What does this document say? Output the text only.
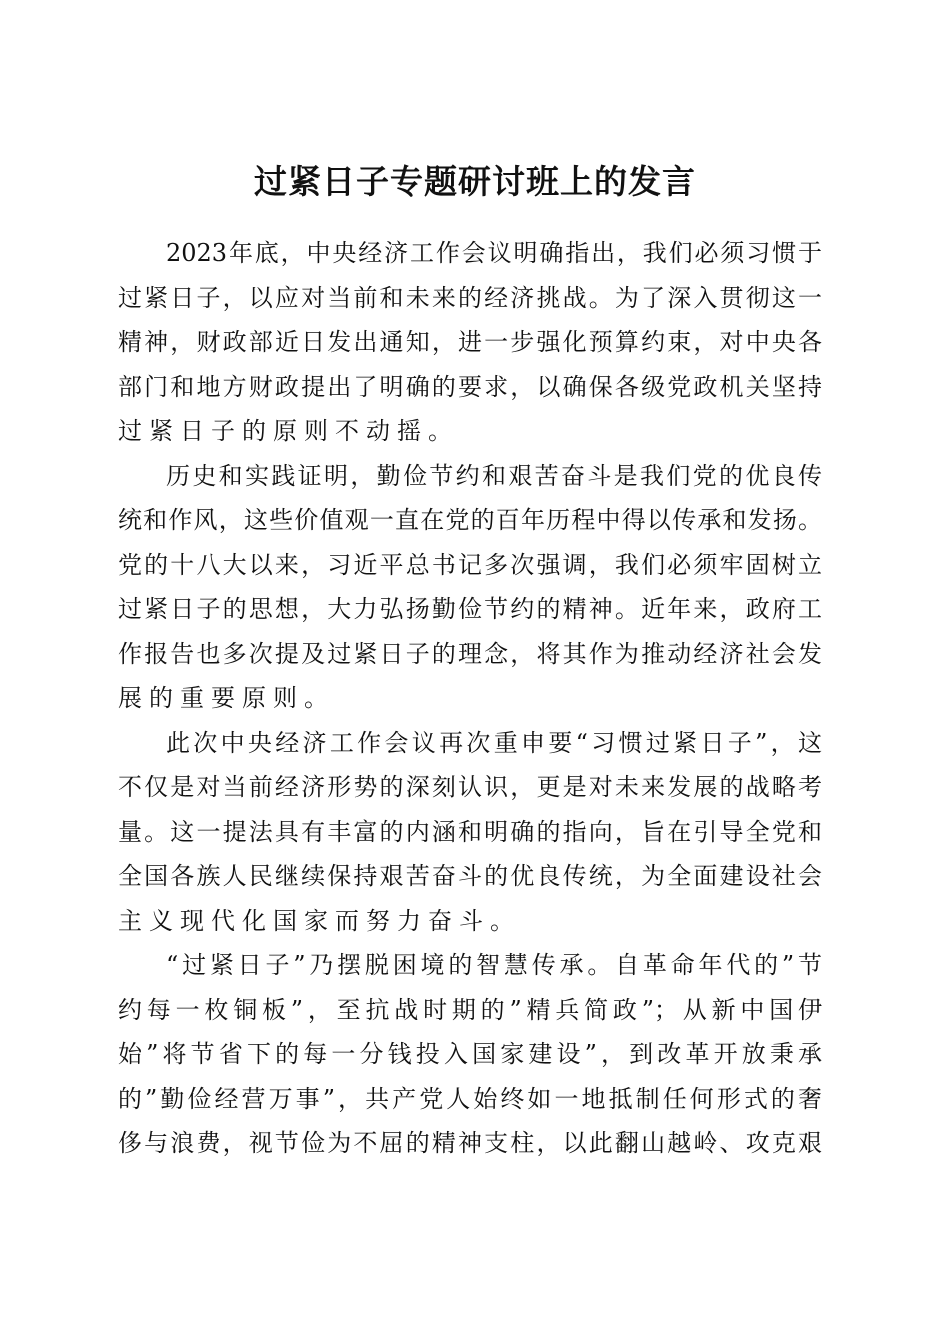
过紧日子专题研讨班上的发言

2023年底，中央经济工作会议明确指出，我们必须习惯于
过紧日子，以应对当前和未来的经济挑战。为了深入贯彻这一
精神，财政部近日发出通知，进一步强化预算约束，对中央各
部门和地方财政提出了明确的要求，以确保各级党政机关坚持
过紧日子的原则不动摇。

历史和实践证明，勤俭节约和艰苦奋斗是我们党的优良传
统和作风，这些价值观一直在党的百年历程中得以传承和发扬。
党的十八大以来，习近平总书记多次强调，我们必须牢固树立
过紧日子的思想，大力弘扬勤俭节约的精神。近年来，政府工
作报告也多次提及过紧日子的理念，将其作为推动经济社会发
展的重要原则。

此次中央经济工作会议再次重申要“习惯过紧日子”，这
不仅是对当前经济形势的深刻认识，更是对未来发展的战略考
量。这一提法具有丰富的内涵和明确的指向，旨在引导全党和
全国各族人民继续保持艰苦奋斗的优良传统，为全面建设社会
主义现代化国家而努力奋斗。

“过紧日子”乃摆脱困境的智慧传承。自革命年代的”节
约每一枚铜板”，至抗战时期的”精兵简政”；从新中国伊
始”将节省下的每一分钱投入国家建设”，到改革开放秉承
的”勤俭经营万事”，共产党人始终如一地抵制任何形式的奢
侈与浪费，视节俭为不屈的精神支柱，以此翻山越岭、攻克艰
